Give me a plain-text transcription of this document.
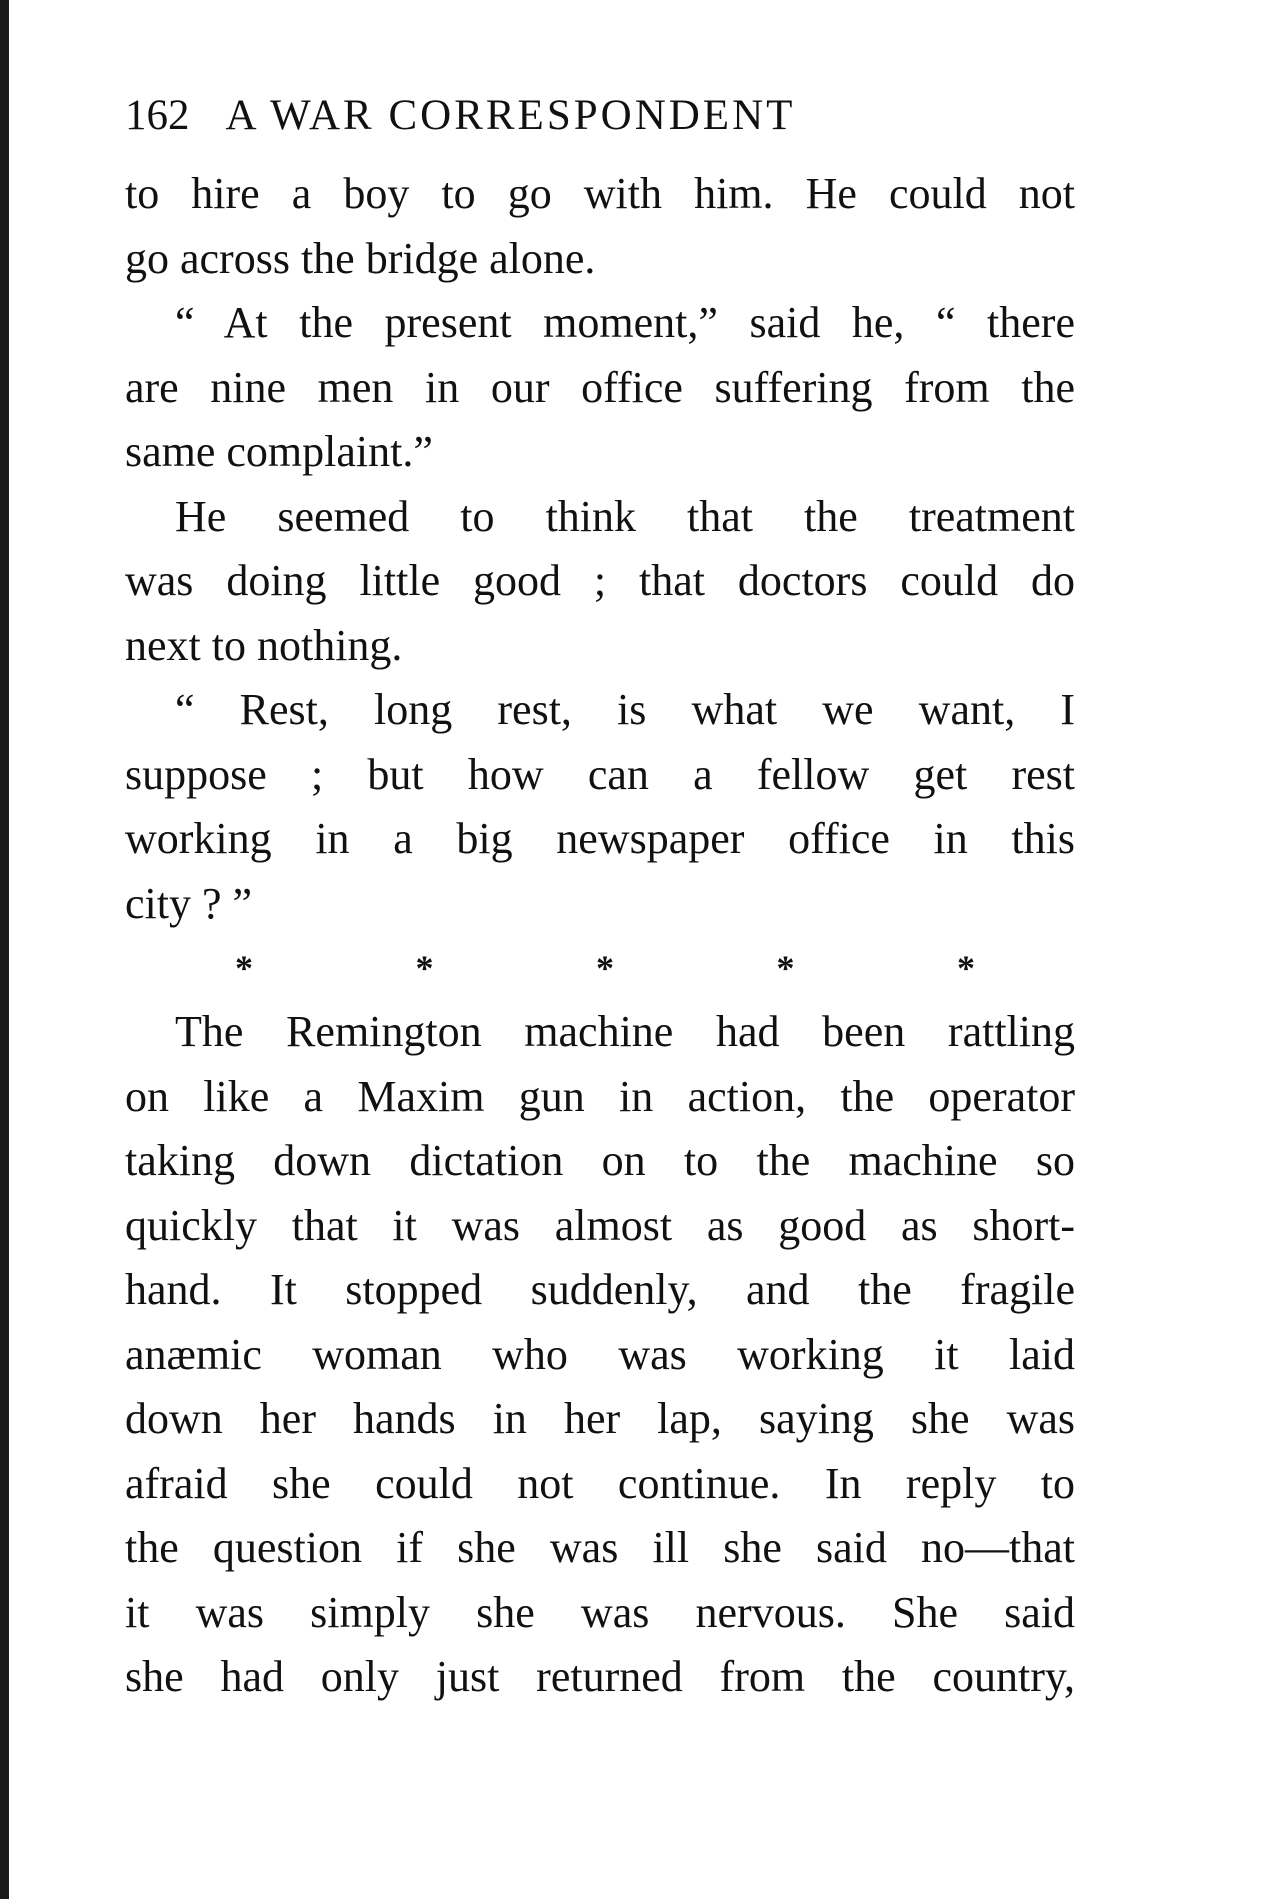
162 A WAR CORRESPONDENT
to hire a boy to go with him. He could not
go across the bridge alone.
“ At the present moment,” said he, “ there
are nine men in our office suffering from the
same complaint.”
He seemed to think that the treatment
was doing little good ; that doctors could do
next to nothing.
“ Rest, long rest, is what we want, I
suppose ; but how can a fellow get rest
working in a big newspaper office in this
city ? ”
*	*	*	*	*
The Remington machine had been rattling
on like a Maxim gun in action, the operator
taking down dictation on to the machine so
quickly that it was almost as good as short-
hand. It stopped suddenly, and the fragile
anæmic woman who was working it laid
down her hands in her lap, saying she was
afraid she could not continue. In reply to
the question if she was ill she said no—that
it was simply she was nervous. She said
she had only just returned from the country,
